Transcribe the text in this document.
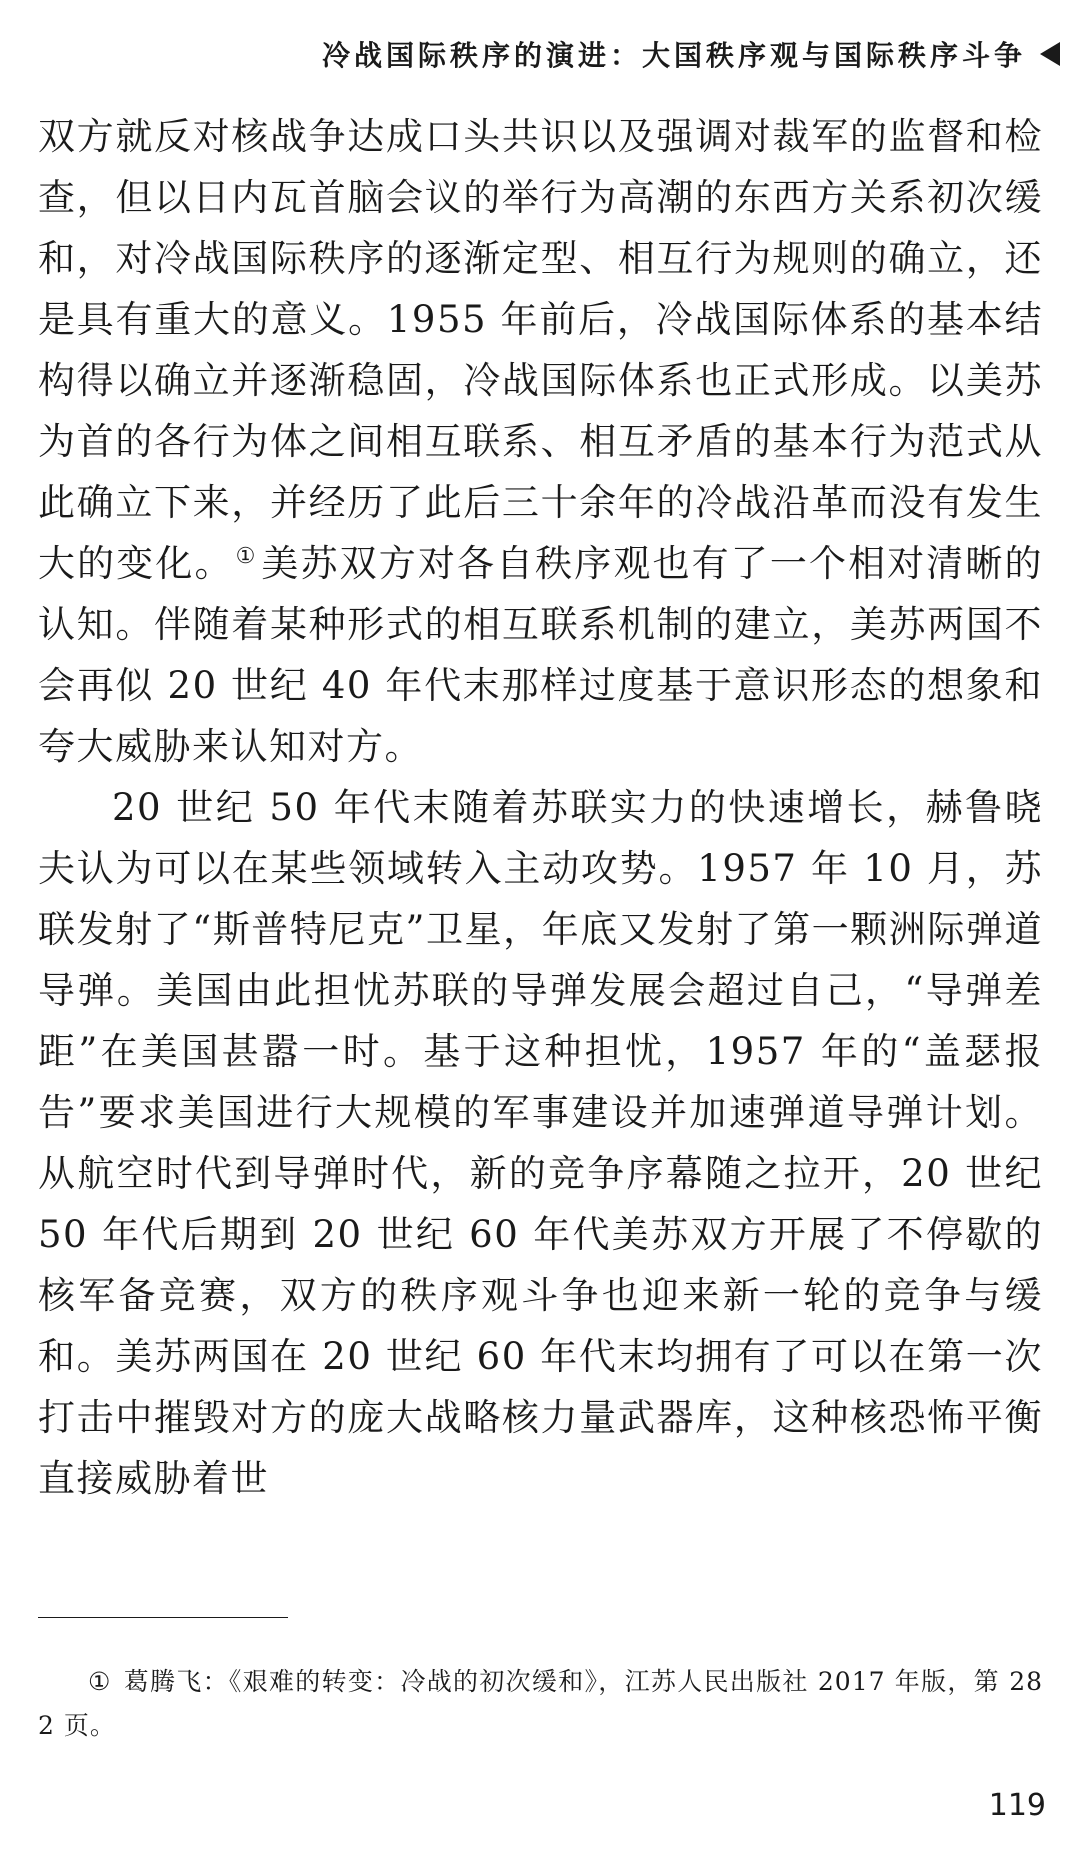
冷战国际秩序的演进：大国秩序观与国际秩序斗争

双方就反对核战争达成口头共识以及强调对裁军的监督和检查，但以日内瓦首脑会议的举行为高潮的东西方关系初次缓和，对冷战国际秩序的逐渐定型、相互行为规则的确立，还是具有重大的意义。1955 年前后，冷战国际体系的基本结构得以确立并逐渐稳固，冷战国际体系也正式形成。以美苏为首的各行为体之间相互联系、相互矛盾的基本行为范式从此确立下来，并经历了此后三十余年的冷战沿革而没有发生大的变化。① 美苏双方对各自秩序观也有了一个相对清晰的认知。伴随着某种形式的相互联系机制的建立，美苏两国不会再似 20 世纪 40 年代末那样过度基于意识形态的想象和夸大威胁来认知对方。

20 世纪 50 年代末随着苏联实力的快速增长，赫鲁晓夫认为可以在某些领域转入主动攻势。1957 年 10 月，苏联发射了“斯普特尼克”卫星，年底又发射了第一颗洲际弹道导弹。美国由此担忧苏联的导弹发展会超过自己，“导弹差距”在美国甚嚣一时。基于这种担忧，1957 年的“盖瑟报告”要求美国进行大规模的军事建设并加速弹道导弹计划。从航空时代到导弹时代，新的竞争序幕随之拉开，20 世纪 50 年代后期到 20 世纪 60 年代美苏双方开展了不停歇的核军备竞赛，双方的秩序观斗争也迎来新一轮的竞争与缓和。美苏两国在 20 世纪 60 年代末均拥有了可以在第一次打击中摧毁对方的庞大战略核力量武器库，这种核恐怖平衡直接威胁着世

① 葛腾飞：《艰难的转变：冷战的初次缓和》，江苏人民出版社 2017 年版，第 282 页。

119
